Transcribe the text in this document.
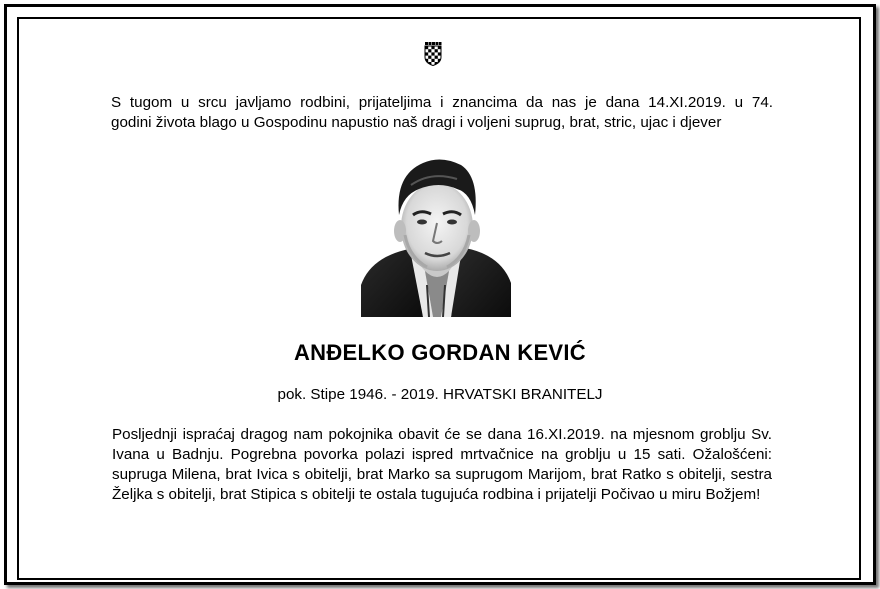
S tugom u srcu javljamo rodbini, prijateljima i znancima da nas je dana 14.XI.2019. u 74.
godini života blago u Gospodinu napustio naš dragi i voljeni suprug, brat, stric, ujac i djever
ANĐELKO GORDAN KEVIĆ
pok. Stipe 1946. - 2019. HRVATSKI BRANITELJ
Posljednji ispraćaj dragog nam pokojnika obavit će se dana 16.XI.2019. na mjesnom groblju Sv. Ivana u Badnju. Pogrebna povorka polazi ispred mrtvačnice na groblju u 15 sati. Ožalošćeni: supruga Milena, brat Ivica s obitelji, brat Marko sa suprugom Marijom, brat Ratko s obitelji, sestra Željka s obitelji, brat Stipica s obitelji te ostala tugujuća rodbina i prijatelji Počivao u miru Božjem!
